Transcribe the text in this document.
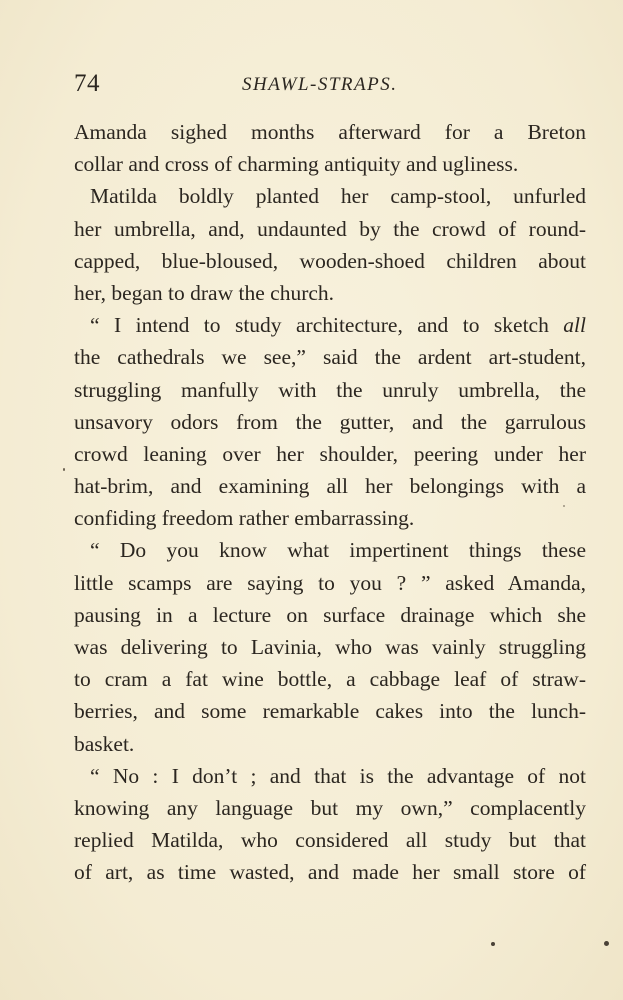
74	SHAWL-STRAPS.
Amanda sighed months afterward for a Breton
collar and cross of charming antiquity and ugliness.
Matilda boldly planted her camp-stool, unfurled
her umbrella, and, undaunted by the crowd of round-
capped, blue-bloused, wooden-shoed children about
her, began to draw the church.
“ I intend to study architecture, and to sketch all
the cathedrals we see,” said the ardent art-student,
struggling manfully with the unruly umbrella, the
unsavory odors from the gutter, and the garrulous
crowd leaning over her shoulder, peering under her
hat-brim, and examining all her belongings with a
confiding freedom rather embarrassing.
“ Do you know what impertinent things these
little scamps are saying to you ? ” asked Amanda,
pausing in a lecture on surface drainage which she
was delivering to Lavinia, who was vainly struggling
to cram a fat wine bottle, a cabbage leaf of straw-
berries, and some remarkable cakes into the lunch-
basket.
“ No : I don’t ; and that is the advantage of not
knowing any language but my own,” complacently
replied Matilda, who considered all study but that
of art, as time wasted, and made her small store of
